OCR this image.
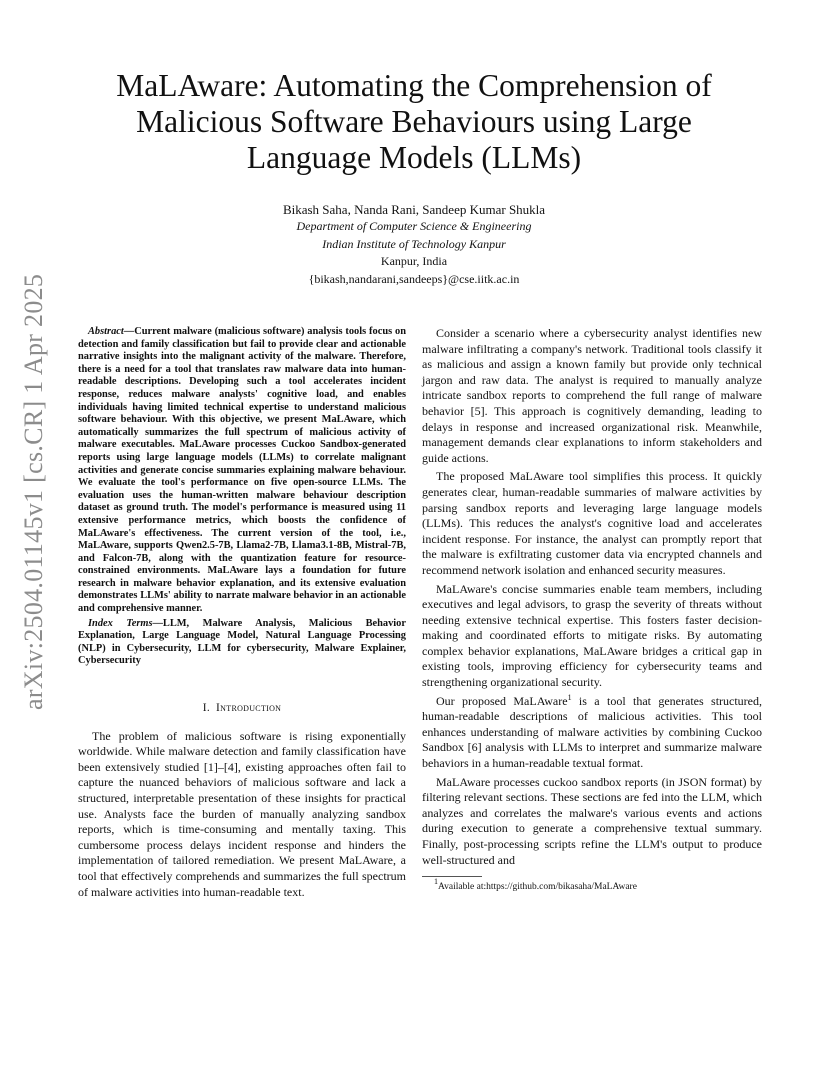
arXiv:2504.01145v1 [cs.CR] 1 Apr 2025
MaLAware: Automating the Comprehension of Malicious Software Behaviours using Large Language Models (LLMs)
Bikash Saha, Nanda Rani, Sandeep Kumar Shukla
Department of Computer Science & Engineering
Indian Institute of Technology Kanpur
Kanpur, India
{bikash,nandarani,sandeeps}@cse.iitk.ac.in

Abstract—Current malware (malicious software) analysis tools focus on detection and family classification but fail to provide clear and actionable narrative insights into the malignant activity of the malware. Therefore, there is a need for a tool that translates raw malware data into human-readable descriptions. Developing such a tool accelerates incident response, reduces malware analysts' cognitive load, and enables individuals having limited technical expertise to understand malicious software behaviour. With this objective, we present MaLAware, which automatically summarizes the full spectrum of malicious activity of malware executables. MaLAware processes Cuckoo Sandbox-generated reports using large language models (LLMs) to correlate malignant activities and generate concise summaries explaining malware behaviour. We evaluate the tool's performance on five open-source LLMs. The evaluation uses the human-written malware behaviour description dataset as ground truth. The model's performance is measured using 11 extensive performance metrics, which boosts the confidence of MaLAware's effectiveness. The current version of the tool, i.e., MaLAware, supports Qwen2.5-7B, Llama2-7B, Llama3.1-8B, Mistral-7B, and Falcon-7B, along with the quantization feature for resource-constrained environments. MaLAware lays a foundation for future research in malware behavior explanation, and its extensive evaluation demonstrates LLMs' ability to narrate malware behavior in an actionable and comprehensive manner.

Index Terms—LLM, Malware Analysis, Malicious Behavior Explanation, Large Language Model, Natural Language Processing (NLP) in Cybersecurity, LLM for cybersecurity, Malware Explainer, Cybersecurity

I. Introduction

The problem of malicious software is rising exponentially worldwide. While malware detection and family classification have been extensively studied [1]–[4], existing approaches often fail to capture the nuanced behaviors of malicious software and lack a structured, interpretable presentation of these insights for practical use. Analysts face the burden of manually analyzing sandbox reports, which is time-consuming and mentally taxing. This cumbersome process delays incident response and hinders the implementation of tailored remediation. We present MaLAware, a tool that effectively comprehends and summarizes the full spectrum of malware activities into human-readable text.

Consider a scenario where a cybersecurity analyst identifies new malware infiltrating a company's network. Traditional tools classify it as malicious and assign a known family but provide only technical jargon and raw data. The analyst is required to manually analyze intricate sandbox reports to comprehend the full range of malware behavior [5]. This approach is cognitively demanding, leading to delays in response and increased organizational risk. Meanwhile, management demands clear explanations to inform stakeholders and guide actions.

The proposed MaLAware tool simplifies this process. It quickly generates clear, human-readable summaries of malware activities by parsing sandbox reports and leveraging large language models (LLMs). This reduces the analyst's cognitive load and accelerates incident response. For instance, the analyst can promptly report that the malware is exfiltrating customer data via encrypted channels and recommend network isolation and enhanced security measures.

MaLAware's concise summaries enable team members, including executives and legal advisors, to grasp the severity of threats without needing extensive technical expertise. This fosters faster decision-making and coordinated efforts to mitigate risks. By automating complex behavior explanations, MaLAware bridges a critical gap in existing tools, improving efficiency for cybersecurity teams and strengthening organizational security.

Our proposed MaLAware$^1$ is a tool that generates structured, human-readable descriptions of malicious activities. This tool enhances understanding of malware activities by combining Cuckoo Sandbox [6] analysis with LLMs to interpret and summarize malware behaviors in a human-readable textual format.

MaLAware processes cuckoo sandbox reports (in JSON format) by filtering relevant sections. These sections are fed into the LLM, which analyzes and correlates the malware's various events and actions during execution to generate a comprehensive textual summary. Finally, post-processing scripts refine the LLM's output to produce well-structured and

$^1$Available at:https://github.com/bikasaha/MaLAware
